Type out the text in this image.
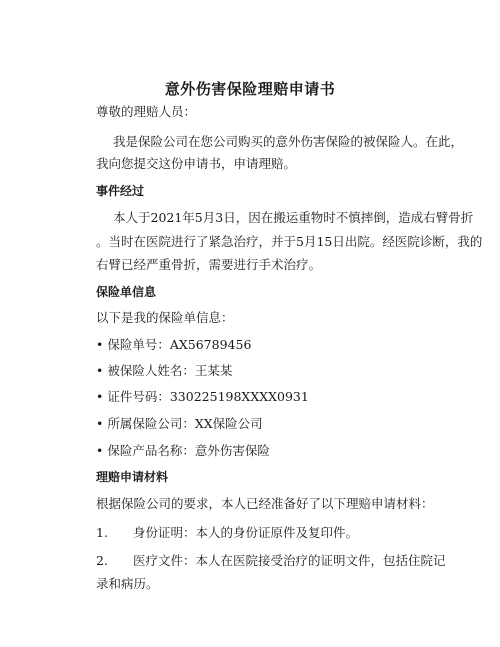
意外伤害保险理赔申请书
尊敬的理赔人员：
我是保险公司在您公司购买的意外伤害保险的被保险人。在此，
我向您提交这份申请书，申请理赔。
事件经过
本人于2021年5月3日，因在搬运重物时不慎摔倒，造成右臂骨折
。当时在医院进行了紧急治疗，并于5月15日出院。经医院诊断，我的
右臂已经严重骨折，需要进行手术治疗。
保险单信息
以下是我的保险单信息：
• 保险单号：AX56789456
• 被保险人姓名：王某某
• 证件号码：330225198XXXX0931
• 所属保险公司：XX保险公司
• 保险产品名称：意外伤害保险
理赔申请材料
根据保险公司的要求，本人已经准备好了以下理赔申请材料：
1. 身份证明：本人的身份证原件及复印件。
2. 医疗文件：本人在医院接受治疗的证明文件，包括住院记
录和病历。
